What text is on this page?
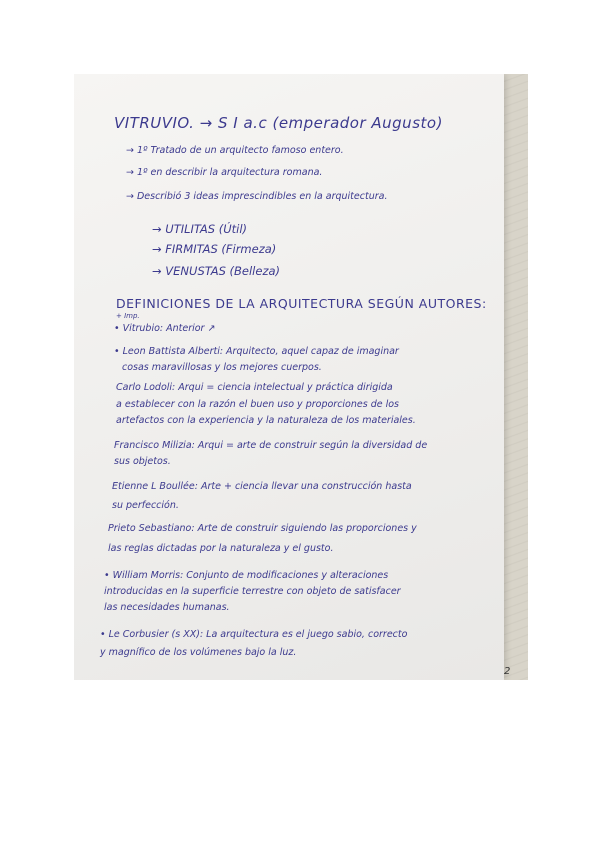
VITRUVIO. → S I a.c (emperador Augusto)
→ 1º Tratado de un arquitecto famoso entero.
→ 1º en describir la arquitectura romana.
→ Describió 3 ideas imprescindibles en la arquitectura.
→ UTILITAS (Útil)
→ FIRMITAS (Firmeza)
→ VENUSTAS (Belleza)
DEFINICIONES DE LA ARQUITECTURA SEGÚN AUTORES:
+ Imp.
• Vitrubio: Anterior ↗
• Leon Battista Alberti: Arquitecto, aquel capaz de imaginar
cosas maravillosas y los mejores cuerpos.
Carlo Lodoli: Arqui = ciencia intelectual y práctica dirigida
a establecer con la razón el buen uso y proporciones de los
artefactos con la experiencia y la naturaleza de los materiales.
Francisco Milizia: Arqui = arte de construir según la diversidad de
sus objetos.
Etienne L Boullée: Arte + ciencia llevar una construcción hasta
su perfección.
Prieto Sebastiano: Arte de construir siguiendo las proporciones y
las reglas dictadas por la naturaleza y el gusto.
• William Morris: Conjunto de modificaciones y alteraciones
introducidas en la superficie terrestre con objeto de satisfacer
las necesidades humanas.
• Le Corbusier (s XX): La arquitectura es el juego sabio, correcto
y magnífico de los volúmenes bajo la luz.
2
